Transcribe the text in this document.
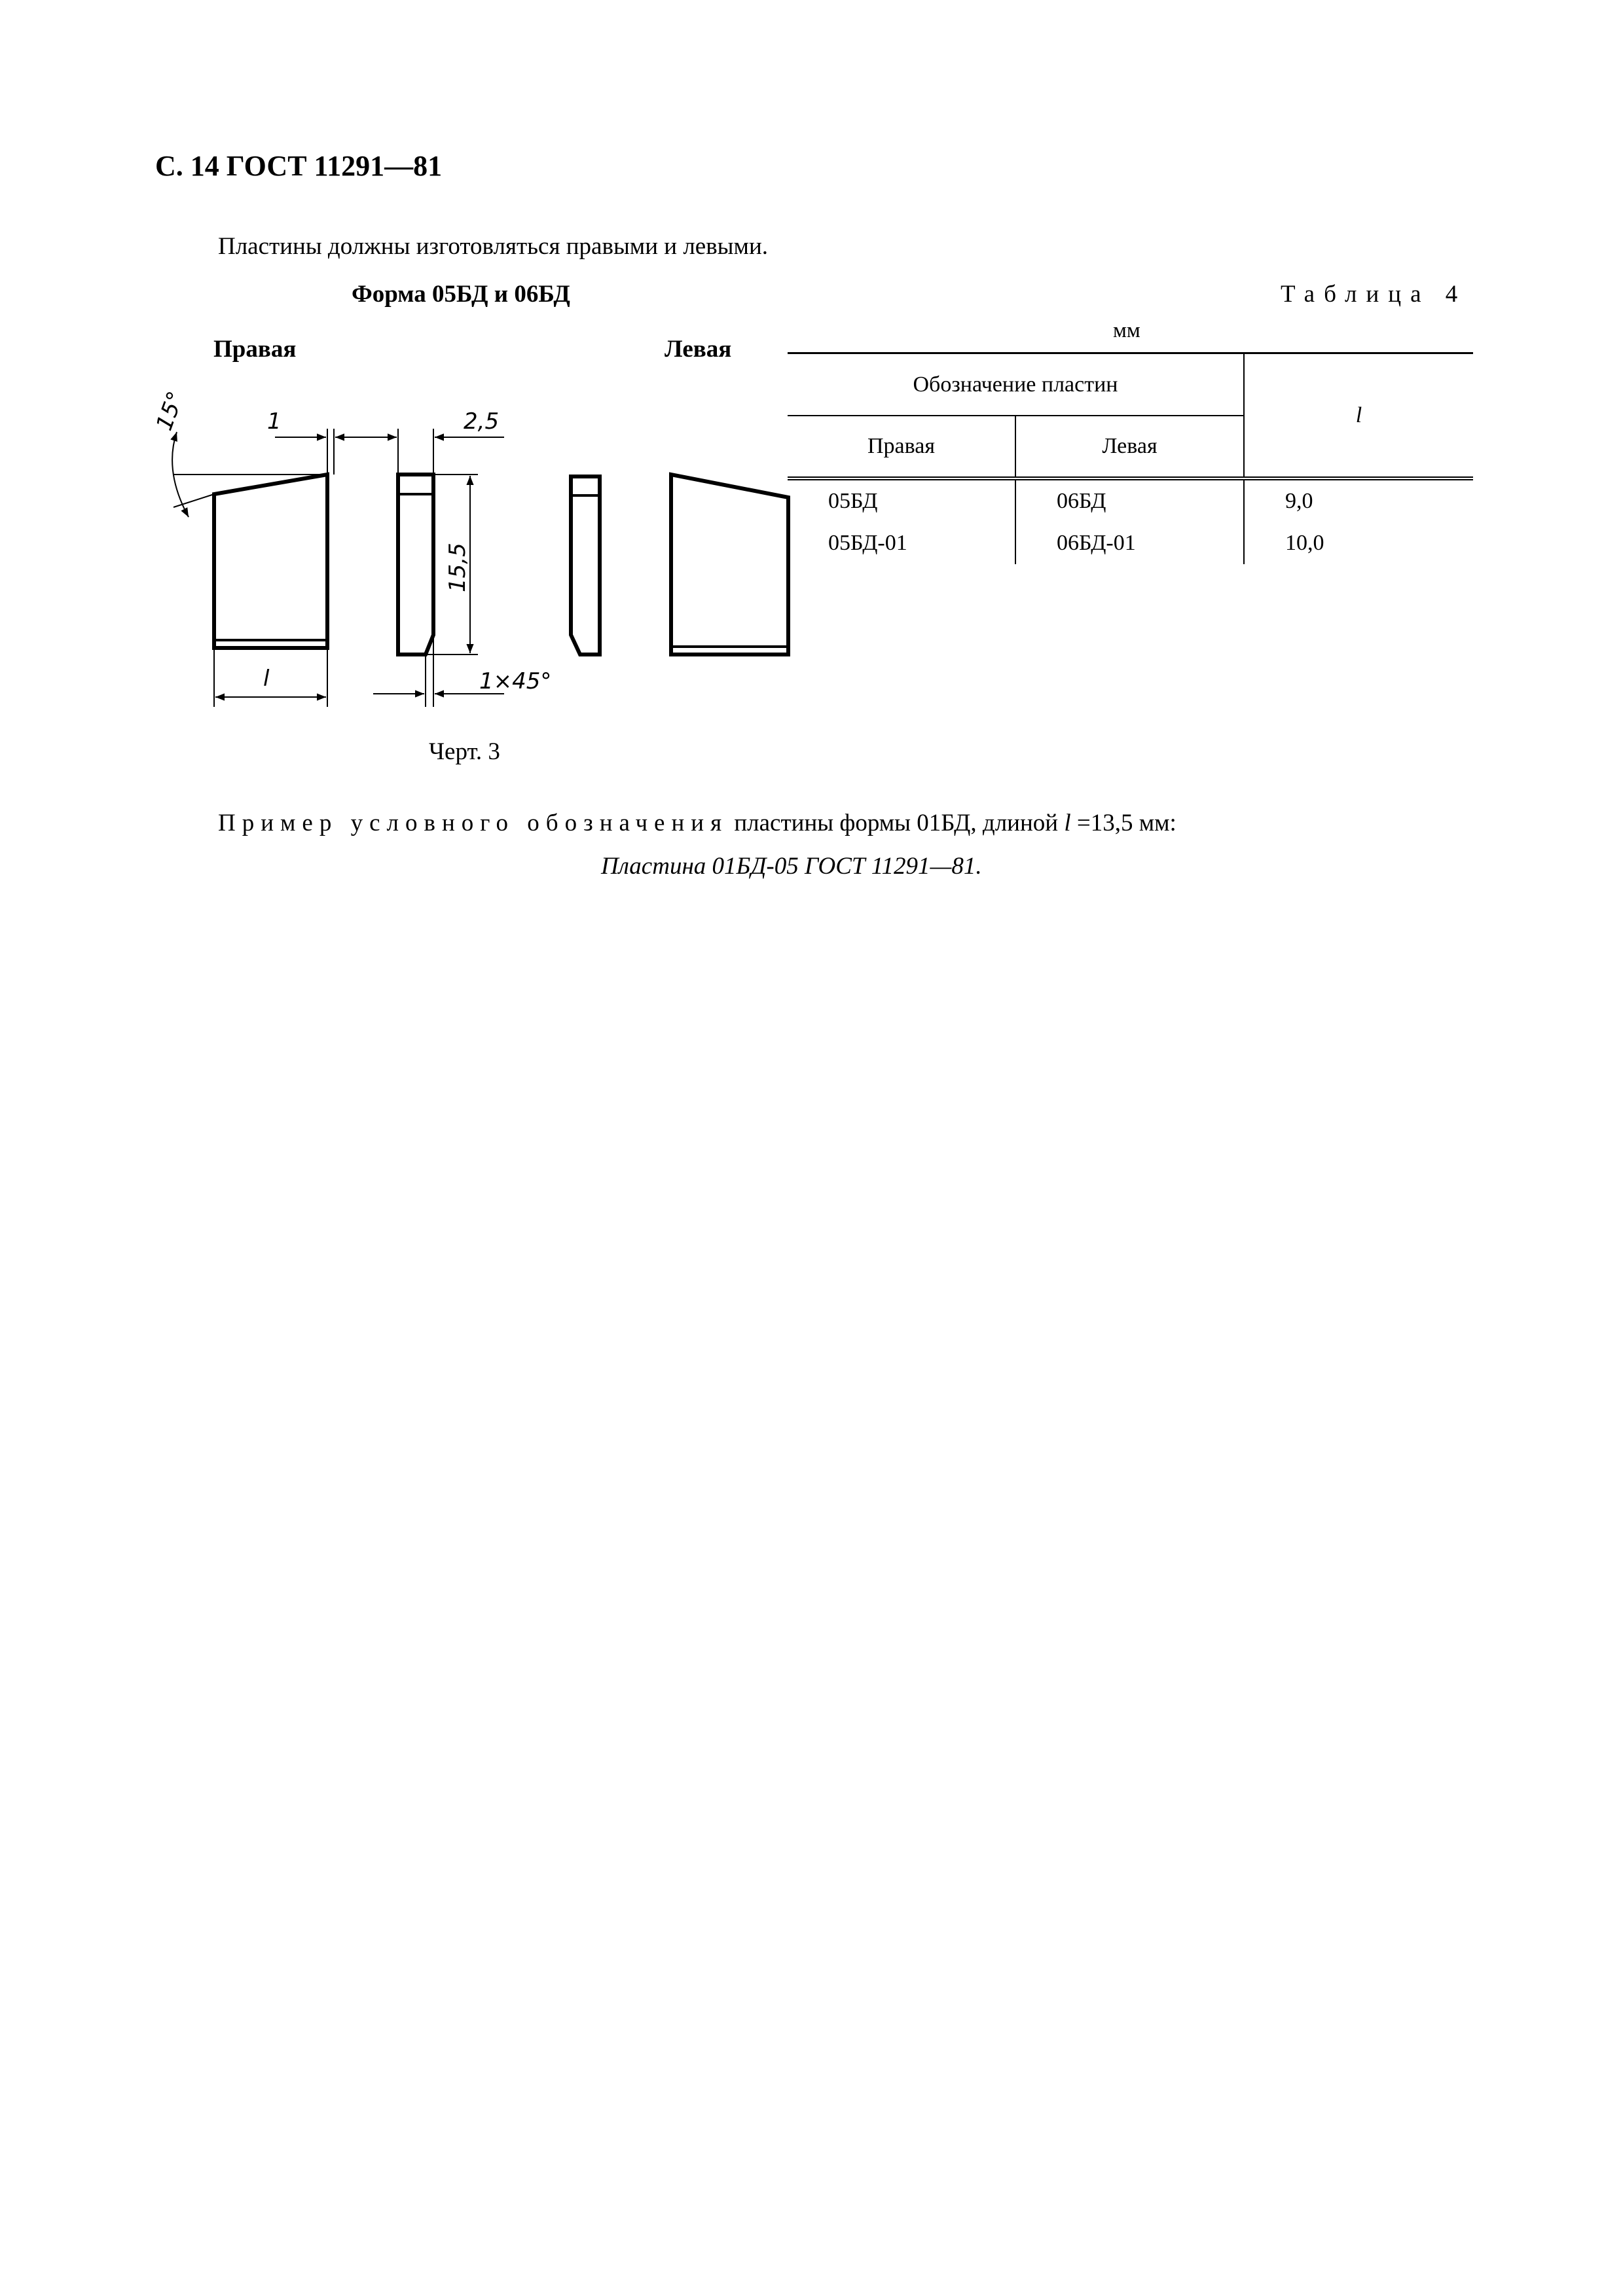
С. 14 ГОСТ 11291—81
Пластины должны изготовляться правыми и левыми.
Форма 05БД и 06БД	Таблица 4
Правая	Левая
мм
15°	1	2,5
15,5
l	1×45°
Черт. 3
Обозначение пластин		l
Правая	Левая	
05БД	06БД	9,0
05БД-01	06БД-01	10,0
Пример условного обозначения пластины формы 01БД, длиной l =13,5 мм:
Пластина 01БД-05 ГОСТ 11291—81.
